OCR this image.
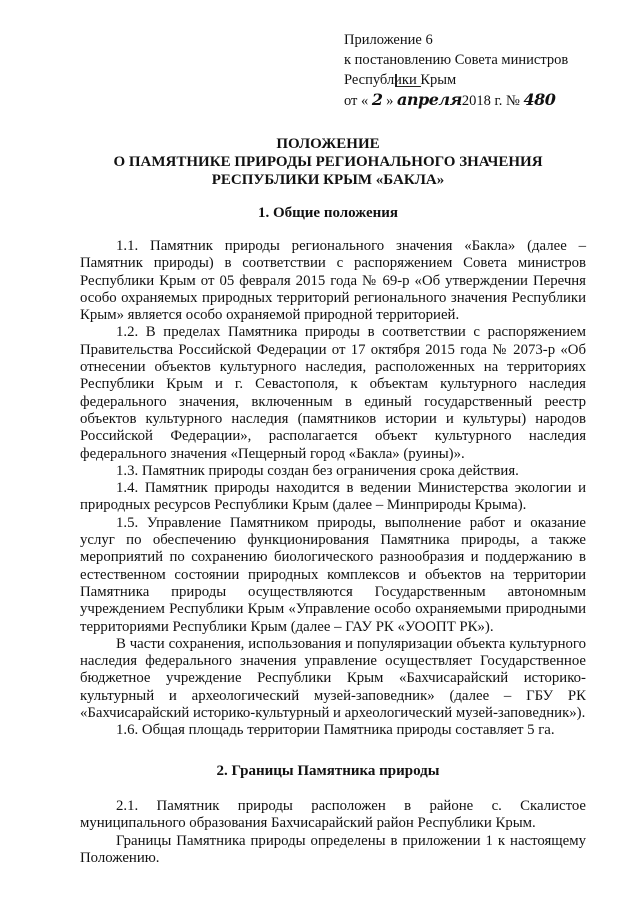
Приложение 6
к постановлению Совета министров
Республики Крым
от « 2 » апреля2018 г. № 480
ПОЛОЖЕНИЕ
О ПАМЯТНИКЕ ПРИРОДЫ РЕГИОНАЛЬНОГО ЗНАЧЕНИЯ
РЕСПУБЛИКИ КРЫМ «БАКЛА»
1. Общие положения

1.1. Памятник природы регионального значения «Бакла» (далее – Памятник природы) в соответствии с распоряжением Совета министров Республики Крым от 05 февраля 2015 года № 69-р «Об утверждении Перечня особо охраняемых природных территорий регионального значения Республики Крым» является особо охраняемой природной территорией.

1.2. В пределах Памятника природы в соответствии с распоряжением Правительства Российской Федерации от 17 октября 2015 года № 2073-р «Об отнесении объектов культурного наследия, расположенных на территориях Республики Крым и г. Севастополя, к объектам культурного наследия федерального значения, включенным в единый государственный реестр объектов культурного наследия (памятников истории и культуры) народов Российской Федерации», располагается объект культурного наследия федерального значения «Пещерный город «Бакла» (руины)».

1.3. Памятник природы создан без ограничения срока действия.

1.4. Памятник природы находится в ведении Министерства экологии и природных ресурсов Республики Крым (далее – Минприроды Крыма).

1.5. Управление Памятником природы, выполнение работ и оказание услуг по обеспечению функционирования Памятника природы, а также мероприятий по сохранению биологического разнообразия и поддержанию в естественном состоянии природных комплексов и объектов на территории Памятника природы осуществляются Государственным автономным учреждением Республики Крым «Управление особо охраняемыми природными территориями Республики Крым (далее – ГАУ РК «УООПТ РК»).

В части сохранения, использования и популяризации объекта культурного наследия федерального значения управление осуществляет Государственное бюджетное учреждение Республики Крым «Бахчисарайский историко-культурный и археологический музей-заповедник» (далее – ГБУ РК «Бахчисарайский историко-культурный и археологический музей-заповедник»).

1.6. Общая площадь территории Памятника природы составляет 5 га.

2. Границы Памятника природы

2.1. Памятник природы расположен в районе с. Скалистое муниципального образования Бахчисарайский район Республики Крым.

Границы Памятника природы определены в приложении 1 к настоящему Положению.
